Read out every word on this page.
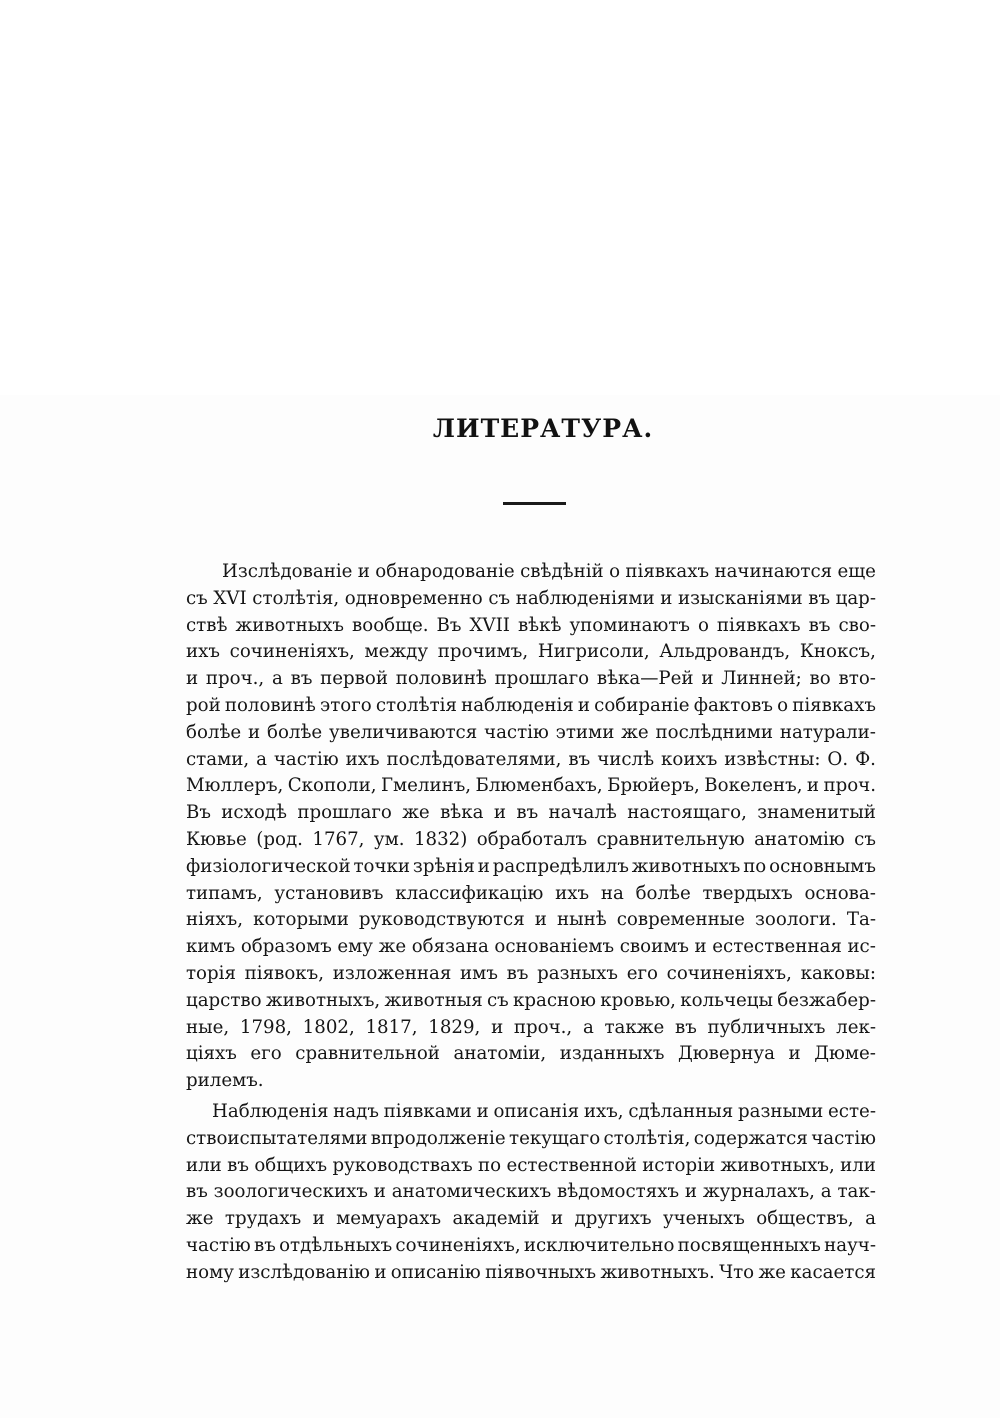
ЛИТЕРАТУРА.
Изслѣдованіе и обнародованіе свѣдѣній о піявкахъ начинаются еще
съ XVI столѣтія, одновременно съ наблюденіями и изысканіями въ цар-
ствѣ животныхъ вообще. Въ XVII вѣкѣ упоминаютъ о піявкахъ въ сво-
ихъ сочиненіяхъ, между прочимъ, Нигрисоли, Альдровандъ, Кноксъ,
и проч., а въ первой половинѣ прошлаго вѣка—Рей и Линней; во вто-
рой половинѣ этого столѣтія наблюденія и собираніе фактовъ о піявкахъ
болѣе и болѣе увеличиваются частію этими же послѣдними натурали-
стами, а частію ихъ послѣдователями, въ числѣ коихъ извѣстны: О. Ф.
Мюллеръ, Скополи, Гмелинъ, Блюменбахъ, Брюйеръ, Вокеленъ, и проч.
Въ исходѣ прошлаго же вѣка и въ началѣ настоящаго, знаменитый
Кювье (род. 1767, ум. 1832) обработалъ сравнительную анатомію съ
физіологической точки зрѣнія и распредѣлилъ животныхъ по основнымъ
типамъ, установивъ классификацію ихъ на болѣе твердыхъ основа-
ніяхъ, которыми руководствуются и нынѣ современные зоологи. Та-
кимъ образомъ ему же обязана основаніемъ своимъ и естественная ис-
торія піявокъ, изложенная имъ въ разныхъ его сочиненіяхъ, каковы:
царство животныхъ, животныя съ красною кровью, кольчецы безжабер-
ные, 1798, 1802, 1817, 1829, и проч., а также въ публичныхъ лек-
ціяхъ его сравнительной анатоміи, изданныхъ Дювернуа и Дюме-
рилемъ.
Наблюденія надъ піявками и описанія ихъ, сдѣланныя разными есте-
ствоиспытателями впродолженіе текущаго столѣтія, содержатся частію
или въ общихъ руководствахъ по естественной исторіи животныхъ, или
въ зоологическихъ и анатомическихъ вѣдомостяхъ и журналахъ, а так-
же трудахъ и мемуарахъ академій и другихъ ученыхъ обществъ, а
частію въ отдѣльныхъ сочиненіяхъ, исключительно посвященныхъ науч-
ному изслѣдованію и описанію піявочныхъ животныхъ. Что же касается
